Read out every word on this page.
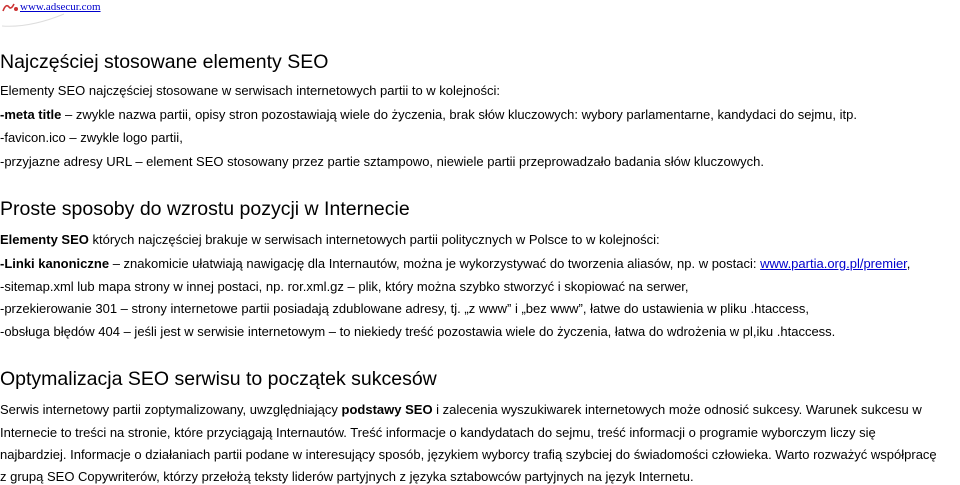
www.adsecur.com
Najczęściej stosowane elementy SEO

Elementy SEO najczęściej stosowane w serwisach internetowych partii to w kolejności:

-meta title – zwykle nazwa partii, opisy stron pozostawiają wiele do życzenia, brak słów kluczowych: wybory parlamentarne, kandydaci do sejmu, itp.

-favicon.ico – zwykle logo partii,

-przyjazne adresy URL – element SEO stosowany przez partie sztampowo, niewiele partii przeprowadzało badania słów kluczowych.

Proste sposoby do wzrostu pozycji w Internecie

Elementy SEO których najczęściej brakuje w serwisach internetowych partii politycznych w Polsce to w kolejności:

-Linki kanoniczne – znakomicie ułatwiają nawigację dla Internautów, można je wykorzystywać do tworzenia aliasów, np. w postaci: www.partia.org.pl/premier,

-sitemap.xml lub mapa strony w innej postaci, np. ror.xml.gz – plik, który można szybko stworzyć i skopiować na serwer,

-przekierowanie 301 – strony internetowe partii posiadają zdublowane adresy, tj. „z www” i „bez www”, łatwe do ustawienia w pliku .htaccess,

-obsługa błędów 404 – jeśli jest w serwisie internetowym – to niekiedy treść pozostawia wiele do życzenia, łatwa do wdrożenia w pl,iku .htaccess.

Optymalizacja SEO serwisu to początek sukcesów

Serwis internetowy partii zoptymalizowany, uwzględniający podstawy SEO i zalecenia wyszukiwarek internetowych może odnosić sukcesy. Warunek sukcesu w

Internecie to treści na stronie, które przyciągają Internautów. Treść informacje o kandydatach do sejmu, treść informacji o programie wyborczym liczy się

najbardziej. Informacje o działaniach partii podane w interesujący sposób, językiem wyborcy trafią szybciej do świadomości człowieka. Warto rozważyć współpracę

z grupą SEO Copywriterów, którzy przełożą teksty liderów partyjnych z języka sztabowców partyjnych na język Internetu.
